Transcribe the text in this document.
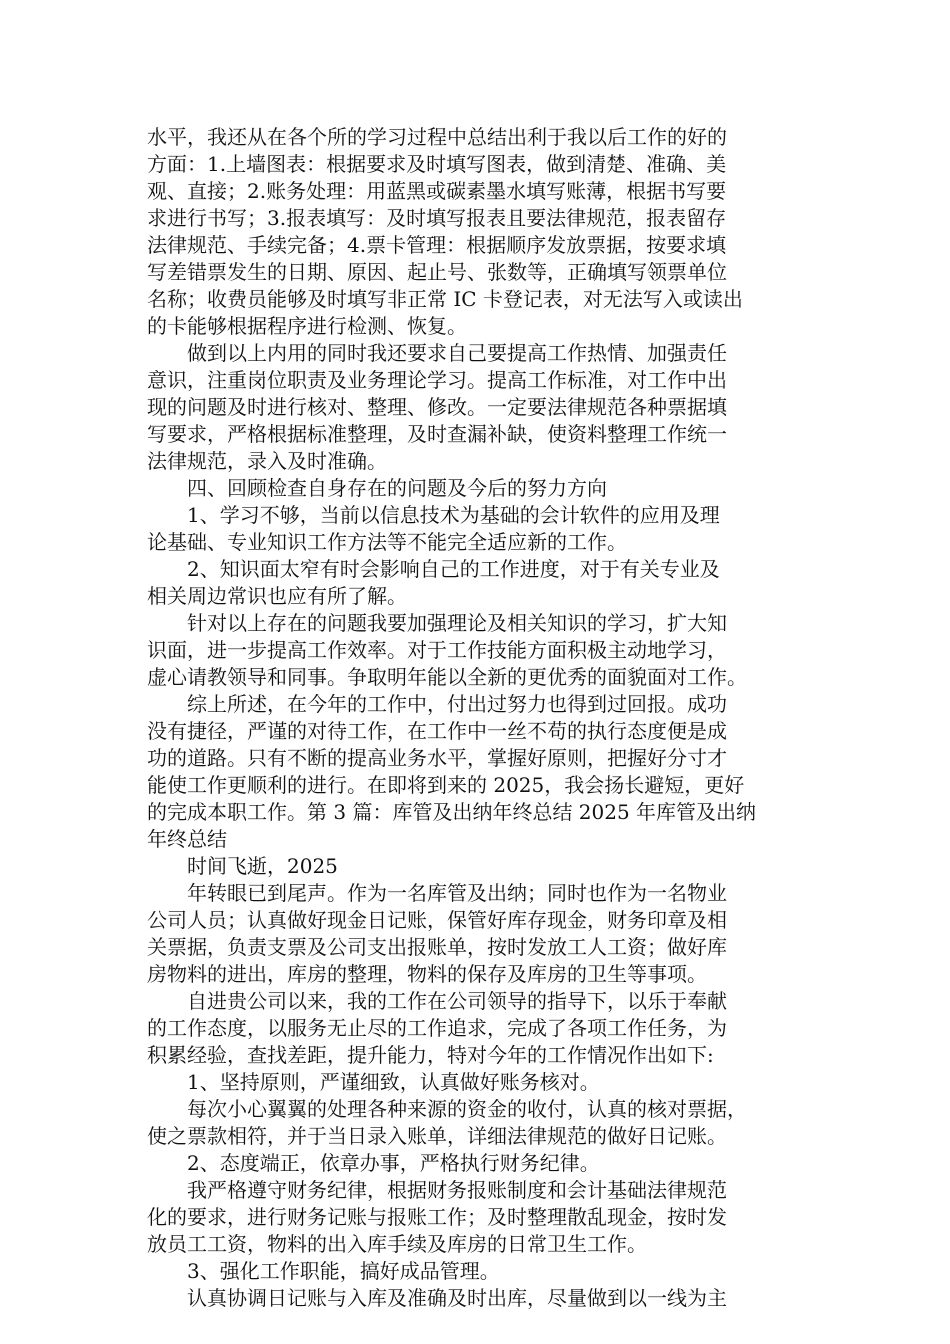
水平，我还从在各个所的学习过程中总结出利于我以后工作的好的
方面：1.上墙图表：根据要求及时填写图表，做到清楚、准确、美
观、直接；2.账务处理：用蓝黑或碳素墨水填写账薄，根据书写要
求进行书写；3.报表填写：及时填写报表且要法律规范，报表留存
法律规范、手续完备；4.票卡管理：根据顺序发放票据，按要求填
写差错票发生的日期、原因、起止号、张数等，正确填写领票单位
名称；收费员能够及时填写非正常 IC 卡登记表，对无法写入或读出
的卡能够根据程序进行检测、恢复。

做到以上内用的同时我还要求自己要提高工作热情、加强责任
意识，注重岗位职责及业务理论学习。提高工作标准，对工作中出
现的问题及时进行核对、整理、修改。一定要法律规范各种票据填
写要求，严格根据标准整理，及时查漏补缺，使资料整理工作统一
法律规范，录入及时准确。

四、回顾检查自身存在的问题及今后的努力方向

1、学习不够，当前以信息技术为基础的会计软件的应用及理
论基础、专业知识工作方法等不能完全适应新的工作。

2、知识面太窄有时会影响自己的工作进度，对于有关专业及
相关周边常识也应有所了解。

针对以上存在的问题我要加强理论及相关知识的学习，扩大知
识面，进一步提高工作效率。对于工作技能方面积极主动地学习，
虚心请教领导和同事。争取明年能以全新的更优秀的面貌面对工作。

综上所述，在今年的工作中，付出过努力也得到过回报。成功
没有捷径，严谨的对待工作，在工作中一丝不苟的执行态度便是成
功的道路。只有不断的提高业务水平，掌握好原则，把握好分寸才
能使工作更顺利的进行。在即将到来的 2025，我会扬长避短，更好
的完成本职工作。第 3 篇：库管及出纳年终总结 2025 年库管及出纳
年终总结

时间飞逝，2025

年转眼已到尾声。作为一名库管及出纳；同时也作为一名物业
公司人员；认真做好现金日记账，保管好库存现金，财务印章及相
关票据，负责支票及公司支出报账单，按时发放工人工资；做好库
房物料的进出，库房的整理，物料的保存及库房的卫生等事项。

自进贵公司以来，我的工作在公司领导的指导下，以乐于奉献
的工作态度，以服务无止尽的工作追求，完成了各项工作任务，为
积累经验，查找差距，提升能力，特对今年的工作情况作出如下:

1、坚持原则，严谨细致，认真做好账务核对。

每次小心翼翼的处理各种来源的资金的收付，认真的核对票据，
使之票款相符，并于当日录入账单，详细法律规范的做好日记账。

2、态度端正，依章办事，严格执行财务纪律。

我严格遵守财务纪律，根据财务报账制度和会计基础法律规范
化的要求，进行财务记账与报账工作；及时整理散乱现金，按时发
放员工工资，物料的出入库手续及库房的日常卫生工作。

3、强化工作职能，搞好成品管理。

认真协调日记账与入库及准确及时出库，尽量做到以一线为主
